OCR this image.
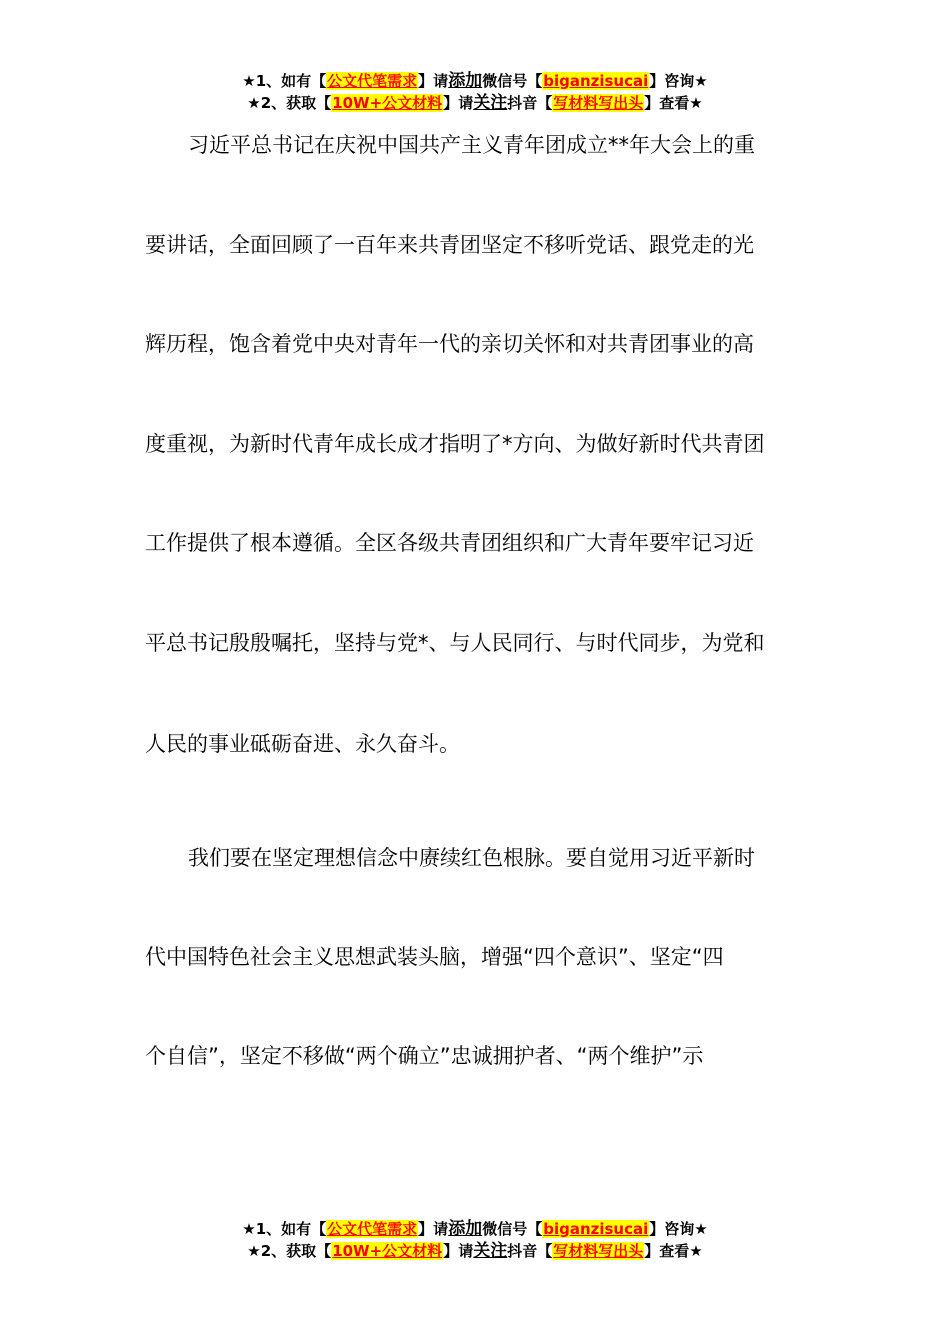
★1、如有【公文代笔需求】请添加微信号【biganzisucai】咨询★
★2、获取【10W+公文材料】请关注抖音【写材料写出头】查看★
习近平总书记在庆祝中国共产主义青年团成立**年大会上的重
要讲话，全面回顾了一百年来共青团坚定不移听党话、跟党走的光
辉历程，饱含着党中央对青年一代的亲切关怀和对共青团事业的高
度重视，为新时代青年成长成才指明了*方向、为做好新时代共青团
工作提供了根本遵循。全区各级共青团组织和广大青年要牢记习近
平总书记殷殷嘱托，坚持与党*、与人民同行、与时代同步，为党和
人民的事业砥砺奋进、永久奋斗。
我们要在坚定理想信念中赓续红色根脉。要自觉用习近平新时
代中国特色社会主义思想武装头脑，增强“四个意识”、坚定“四
个自信”，坚定不移做“两个确立”忠诚拥护者、“两个维护”示
★1、如有【公文代笔需求】请添加微信号【biganzisucai】咨询★
★2、获取【10W+公文材料】请关注抖音【写材料写出头】查看★
